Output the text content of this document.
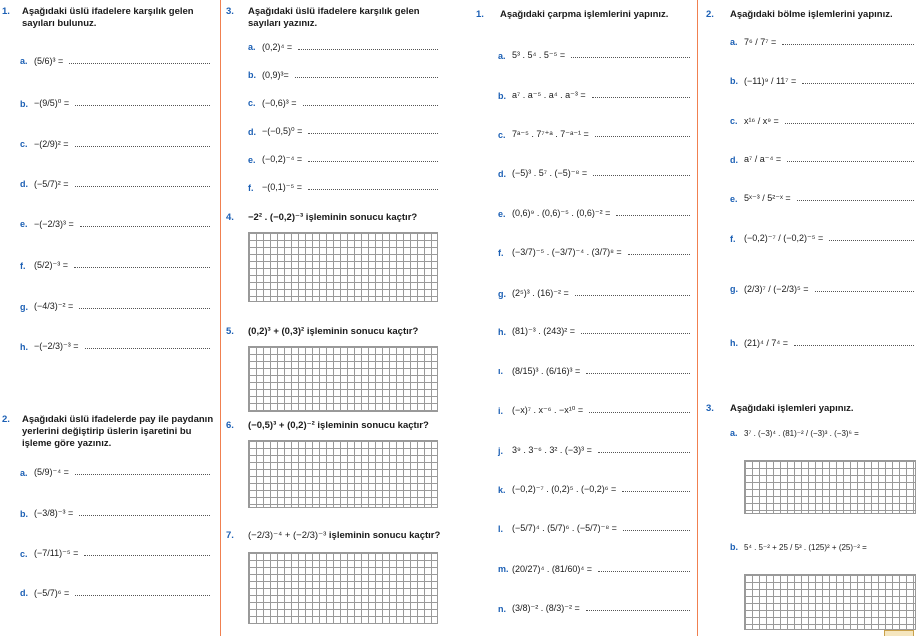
1.	Aşağıdaki üslü ifadelere karşılık gelen sayıları bulunuz.
a. (5/6)³ =
b. −(9/5)⁰ =
c. −(2/9)² =
d. (−5/7)² =
e. −(−2/3)³ =
f. (5/2)⁻³ =
g. (−4/3)⁻² =
h. −(−2/3)⁻³ =
2.	Aşağıdaki üslü ifadelerde pay ile paydanın yerlerini değiştirip üslerin işaretini bu işleme göre yazınız.
a. (5/9)⁻⁴ =
b. (−3/8)⁻³ =
c. (−7/11)⁻⁵ =
d. (−5/7)⁶ =
3.	Aşağıdaki üslü ifadelere karşılık gelen sayıları yazınız.
a. (0,2)⁴ =
b. (0,9)³=
c. (−0,6)³ =
d. −(−0,5)⁰ =
e. (−0,2)⁻⁴ =
f. −(0,1)⁻⁵ =
4.	−2² . (−0,2)⁻³ işleminin sonucu kaçtır?
5.	(0,2)³ + (0,3)² işleminin sonucu kaçtır?
6.	(−0,5)³ + (0,2)⁻² işleminin sonucu kaçtır?
7.	(−2/3)⁻⁴ + (−2/3)⁻³ işleminin sonucu kaçtır?
1.	Aşağıdaki çarpma işlemlerini yapınız.
a. 5³ . 5⁴ . 5⁻⁵ =
b. a⁷ . a⁻⁵ . a⁴ . a⁻³ =
c. 7ᵃ⁻⁵ . 7⁷⁺ᵃ . 7⁻ᵃ⁻¹ =
d. (−5)³ . 5⁷ . (−5)⁻⁸ =
e. (0,6)⁹ . (0,6)⁻⁵ . (0,6)⁻² =
f. (−3/7)⁻⁵ . (−3/7)⁻⁴ . (3/7)⁸ =
g. (2⁵)³ . (16)⁻² =
h. (81)⁻³ . (243)² =
ı. (8/15)³ . (6/16)³ =
i. (−x)⁷ . x⁻⁶ . −x¹⁰ =
j. 3⁹ . 3⁻⁶ . 3² . (−3)³ =
k. (−0,2)⁻⁷ . (0,2)⁵ . (−0,2)⁶ =
l. (−5/7)⁴ . (5/7)⁶ . (−5/7)⁻⁸ =
m. (20/27)⁴ . (81/60)⁴ =
n. (3/8)⁻² . (8/3)⁻² =
2.	Aşağıdaki bölme işlemlerini yapınız.
a. 7⁶ / 7⁷ =
b. (−11)⁹ / 11⁷ =
c. x¹⁶ / x⁹ =
d. a⁷ / a⁻⁴ =
e. 5ˣ⁻³ / 5²⁻ˣ =
f. (−0,2)⁻⁷ / (−0,2)⁻⁵ =
g. (2/3)⁷ / (−2/3)⁵ =
h. (21)⁴ / 7⁴ =
3.	Aşağıdaki işlemleri yapınız.
a. 3⁷ . (−3)⁴ . (81)⁻² / (−3)³ . (−3)⁶ =
b. 5⁴ . 5⁻² + 25 / 5³ . (125)² + (25)⁻² =
